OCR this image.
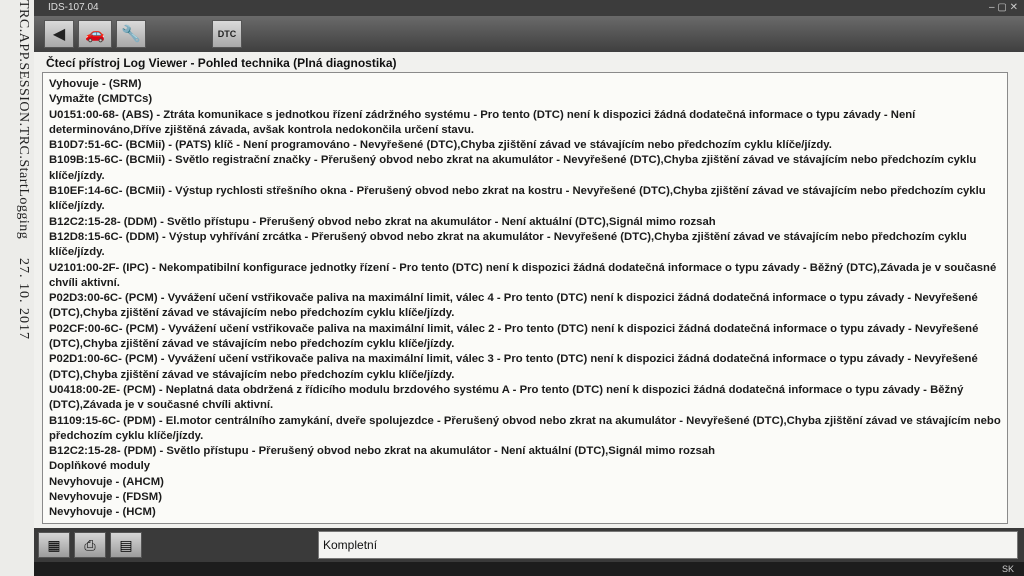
TRC.APP.SESSION.TRC.StartLogging
27. 10. 2017
IDS-107.04	– ▢ ✕
◀ 🚗 🔧	DTC
Čtecí přístroj Log Viewer - Pohled technika (Plná diagnostika)
Vyhovuje - (SRM)
Vymažte (CMDTCs)
U0151:00-68- (ABS) - Ztráta komunikace s jednotkou řízení zádržného systému - Pro tento (DTC) není k dispozici žádná dodatečná informace o typu závady - Není determinováno,Dříve zjištěná závada, avšak kontrola nedokončila určení stavu.
B10D7:51-6C- (BCMii) - (PATS) klíč - Není programováno - Nevyřešené (DTC),Chyba zjištění závad ve stávajícím nebo předchozím cyklu klíče/jízdy.
B109B:15-6C- (BCMii) - Světlo registrační značky - Přerušený obvod nebo zkrat na akumulátor - Nevyřešené (DTC),Chyba zjištění závad ve stávajícím nebo předchozím cyklu klíče/jízdy.
B10EF:14-6C- (BCMii) - Výstup rychlosti střešního okna - Přerušený obvod nebo zkrat na kostru - Nevyřešené (DTC),Chyba zjištění závad ve stávajícím nebo předchozím cyklu klíče/jízdy.
B12C2:15-28- (DDM) - Světlo přístupu - Přerušený obvod nebo zkrat na akumulátor - Není aktuální (DTC),Signál mimo rozsah
B12D8:15-6C- (DDM) - Výstup vyhřívání zrcátka - Přerušený obvod nebo zkrat na akumulátor - Nevyřešené (DTC),Chyba zjištění závad ve stávajícím nebo předchozím cyklu klíče/jízdy.
U2101:00-2F- (IPC) - Nekompatibilní konfigurace jednotky řízení - Pro tento (DTC) není k dispozici žádná dodatečná informace o typu závady - Běžný (DTC),Závada je v současné chvíli aktivní.
P02D3:00-6C- (PCM) - Vyvážení učení vstřikovače paliva na maximální limit, válec 4 - Pro tento (DTC) není k dispozici žádná dodatečná informace o typu závady - Nevyřešené (DTC),Chyba zjištění závad ve stávajícím nebo předchozím cyklu klíče/jízdy.
P02CF:00-6C- (PCM) - Vyvážení učení vstřikovače paliva na maximální limit, válec 2 - Pro tento (DTC) není k dispozici žádná dodatečná informace o typu závady - Nevyřešené (DTC),Chyba zjištění závad ve stávajícím nebo předchozím cyklu klíče/jízdy.
P02D1:00-6C- (PCM) - Vyvážení učení vstřikovače paliva na maximální limit, válec 3 - Pro tento (DTC) není k dispozici žádná dodatečná informace o typu závady - Nevyřešené (DTC),Chyba zjištění závad ve stávajícím nebo předchozím cyklu klíče/jízdy.
U0418:00-2E- (PCM) - Neplatná data obdržená z řídicího modulu brzdového systému A - Pro tento (DTC) není k dispozici žádná dodatečná informace o typu závady - Běžný (DTC),Závada je v současné chvíli aktivní.
B1109:15-6C- (PDM) - El.motor centrálního zamykání, dveře spolujezdce - Přerušený obvod nebo zkrat na akumulátor - Nevyřešené (DTC),Chyba zjištění závad ve stávajícím nebo předchozím cyklu klíče/jízdy.
B12C2:15-28- (PDM) - Světlo přístupu - Přerušený obvod nebo zkrat na akumulátor - Není aktuální (DTC),Signál mimo rozsah
Doplňkové moduly
Nevyhovuje - (AHCM)
Nevyhovuje - (FDSM)
Nevyhovuje - (HCM)
▦ ⎙ ▤	Kompletní
SK
